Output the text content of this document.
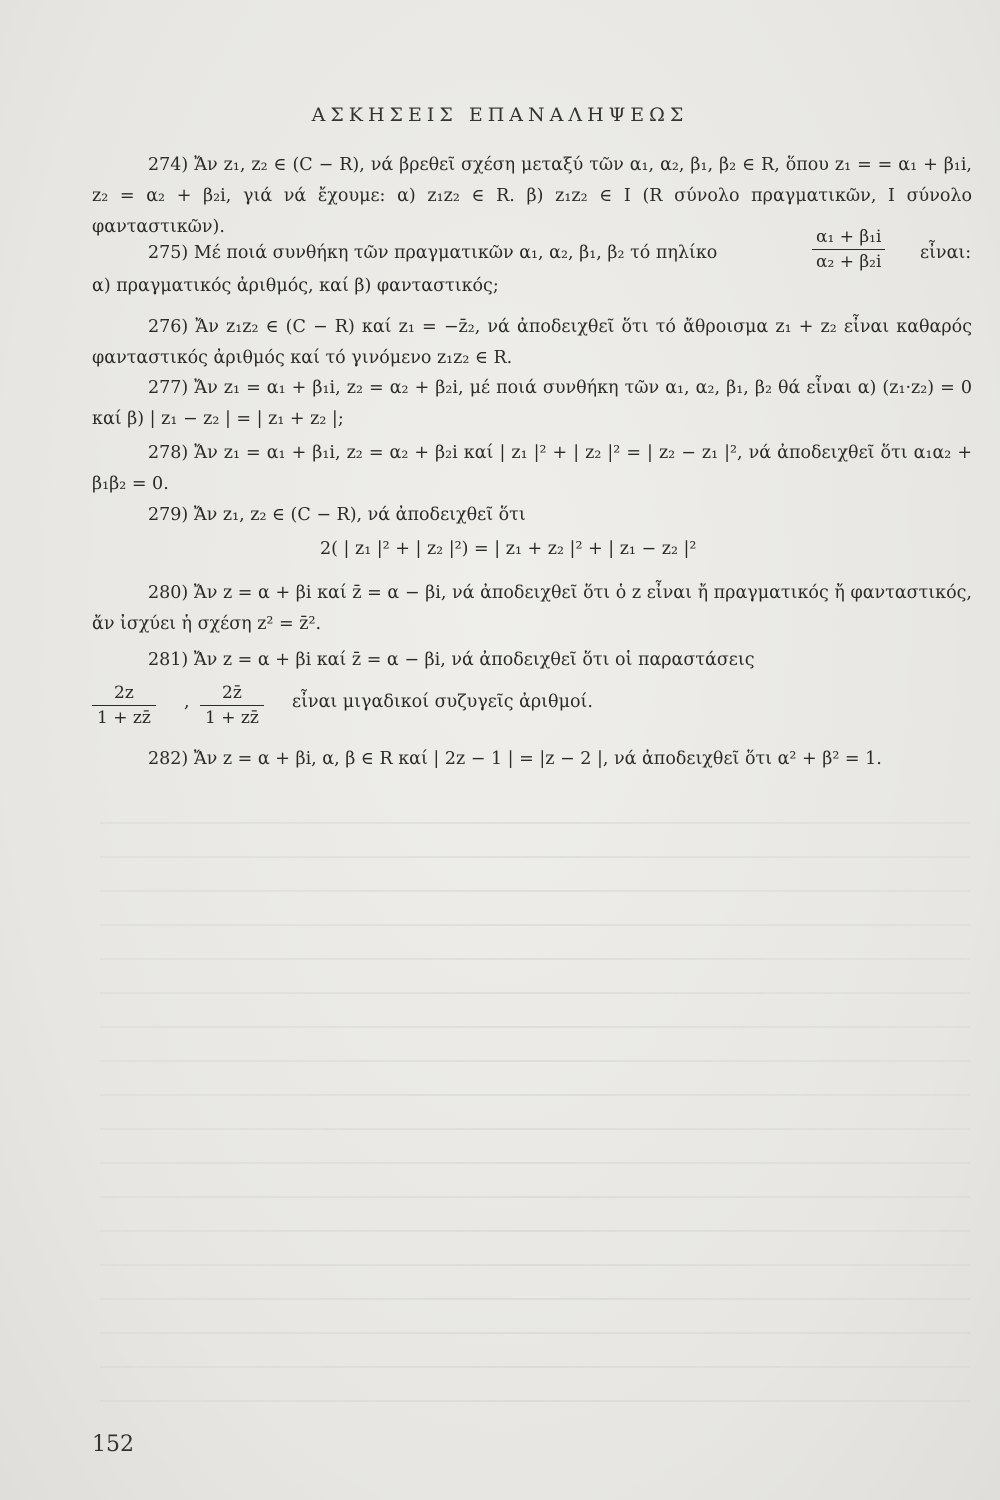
ΑΣΚΗΣΕΙΣ ΕΠΑΝΑΛΗΨΕΩΣ
274) Ἄν z₁, z₂ ∈ (C − R), νά βρεθεῖ σχέση μεταξύ τῶν α₁, α₂, β₁, β₂ ∈ R, ὅπου z₁ = = α₁ + β₁i, z₂ = α₂ + β₂i, γιά νά ἔχουμε: α) z₁z₂ ∈ R. β) z₁z₂ ∈ I (R σύνολο πραγματικῶν, I σύνολο φανταστικῶν).
275) Μέ ποιά συνθήκη τῶν πραγματικῶν α₁, α₂, β₁, β₂ τό πηλίκο	$\frac{\text{α₁ + β₁i}}{\text{α₂ + β₂i}}$ εἶναι:
α) πραγματικός ἀριθμός, καί β) φανταστικός;
276) Ἄν z₁z₂ ∈ (C − R) καί z₁ = −z̄₂, νά ἀποδειχθεῖ ὅτι τό ἄθροισμα z₁ + z₂ εἶναι καθαρός φανταστικός ἀριθμός καί τό γινόμενο z₁z₂ ∈ R.
277) Ἄν z₁ = α₁ + β₁i, z₂ = α₂ + β₂i, μέ ποιά συνθήκη τῶν α₁, α₂, β₁, β₂ θά εἶναι α) (z₁·z₂) = 0 καί β) | z₁ − z₂ | = | z₁ + z₂ |;
278) Ἄν z₁ = α₁ + β₁i, z₂ = α₂ + β₂i καί | z₁ |² + | z₂ |² = | z₂ − z₁ |², νά ἀποδειχθεῖ ὅτι α₁α₂ + β₁β₂ = 0.
279) Ἄν z₁, z₂ ∈ (C − R), νά ἀποδειχθεῖ ὅτι
2( | z₁ |² + | z₂ |²) = | z₁ + z₂ |² + | z₁ − z₂ |²
280) Ἄν z = α + βi καί z̄ = α − βi, νά ἀποδειχθεῖ ὅτι ὁ z εἶναι ἤ πραγματικός ἤ φανταστικός, ἄν ἰσχύει ἡ σχέση z² = z̄².
281) Ἄν z = α + βi καί z̄ = α − βi, νά ἀποδειχθεῖ ὅτι οἱ παραστάσεις
$\frac{2z}{1 + zz̄}$ , $\frac{2z̄}{1 + zz̄}$ εἶναι μιγαδικοί συζυγεῖς ἀριθμοί.
282) Ἄν z = α + βi, α, β ∈ R καί | 2z − 1 | = |z − 2 |, νά ἀποδειχθεῖ ὅτι α² + β² = 1.
152
